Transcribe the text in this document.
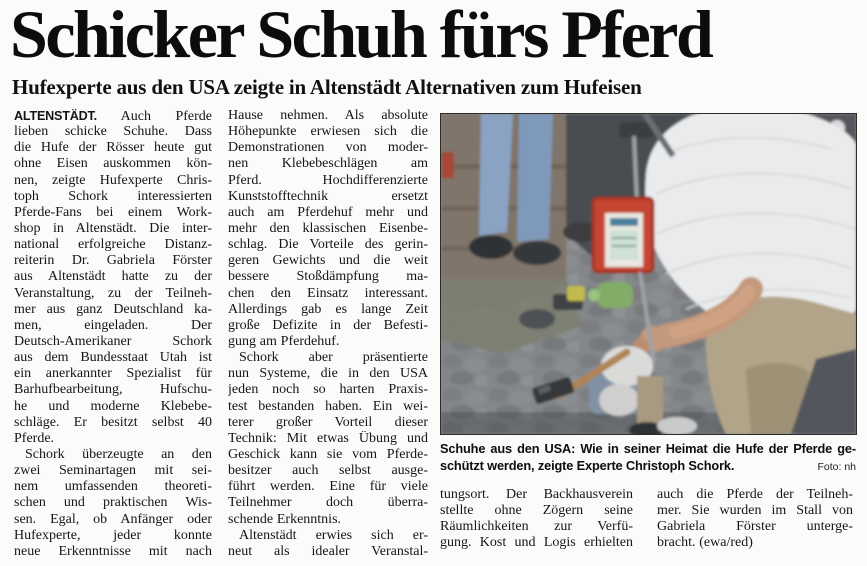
Schicker Schuh fürs Pferd
Hufexperte aus den USA zeigte in Altenstädt Alternativen zum Hufeisen
ALTENSTÄDT. Auch Pferde
lieben schicke Schuhe. Dass
die Hufe der Rösser heute gut
ohne Eisen auskommen kön-
nen, zeigte Hufexperte Chris-
toph Schork interessierten
Pferde-Fans bei einem Work-
shop in Altenstädt. Die inter-
national erfolgreiche Distanz-
reiterin Dr. Gabriela Förster
aus Altenstädt hatte zu der
Veranstaltung, zu der Teilneh-
mer aus ganz Deutschland ka-
men, eingeladen. Der
Deutsch-Amerikaner Schork
aus dem Bundesstaat Utah ist
ein anerkannter Spezialist für
Barhufbearbeitung, Hufschu-
he und moderne Klebebe-
schläge. Er besitzt selbst 40
Pferde.
Schork überzeugte an den
zwei Seminartagen mit sei-
nem umfassenden theoreti-
schen und praktischen Wis-
sen. Egal, ob Anfänger oder
Hufexperte, jeder konnte
neue Erkenntnisse mit nach
Hause nehmen. Als absolute
Höhepunkte erwiesen sich die
Demonstrationen von moder-
nen Klebebeschlägen am
Pferd. Hochdifferenzierte
Kunststofftechnik ersetzt
auch am Pferdehuf mehr und
mehr den klassischen Eisenbe-
schlag. Die Vorteile des gerin-
geren Gewichts und die weit
bessere Stoßdämpfung ma-
chen den Einsatz interessant.
Allerdings gab es lange Zeit
große Defizite in der Befesti-
gung am Pferdehuf.
Schork aber präsentierte
nun Systeme, die in den USA
jeden noch so harten Praxis-
test bestanden haben. Ein wei-
terer großer Vorteil dieser
Technik: Mit etwas Übung und
Geschick kann sie vom Pferde-
besitzer auch selbst ausge-
führt werden. Eine für viele
Teilnehmer doch überra-
schende Erkenntnis.
Altenstädt erwies sich er-
neut als idealer Veranstal-
Schuhe aus den USA: Wie in seiner Heimat die Hufe der Pferde ge-
schützt werden, zeigte Experte Christoph Schork.	Foto: nh
tungsort. Der Backhausverein
stellte ohne Zögern seine
Räumlichkeiten zur Verfü-
gung. Kost und Logis erhielten
auch die Pferde der Teilneh-
mer. Sie wurden im Stall von
Gabriela Förster unterge-
bracht. (ewa/red)
